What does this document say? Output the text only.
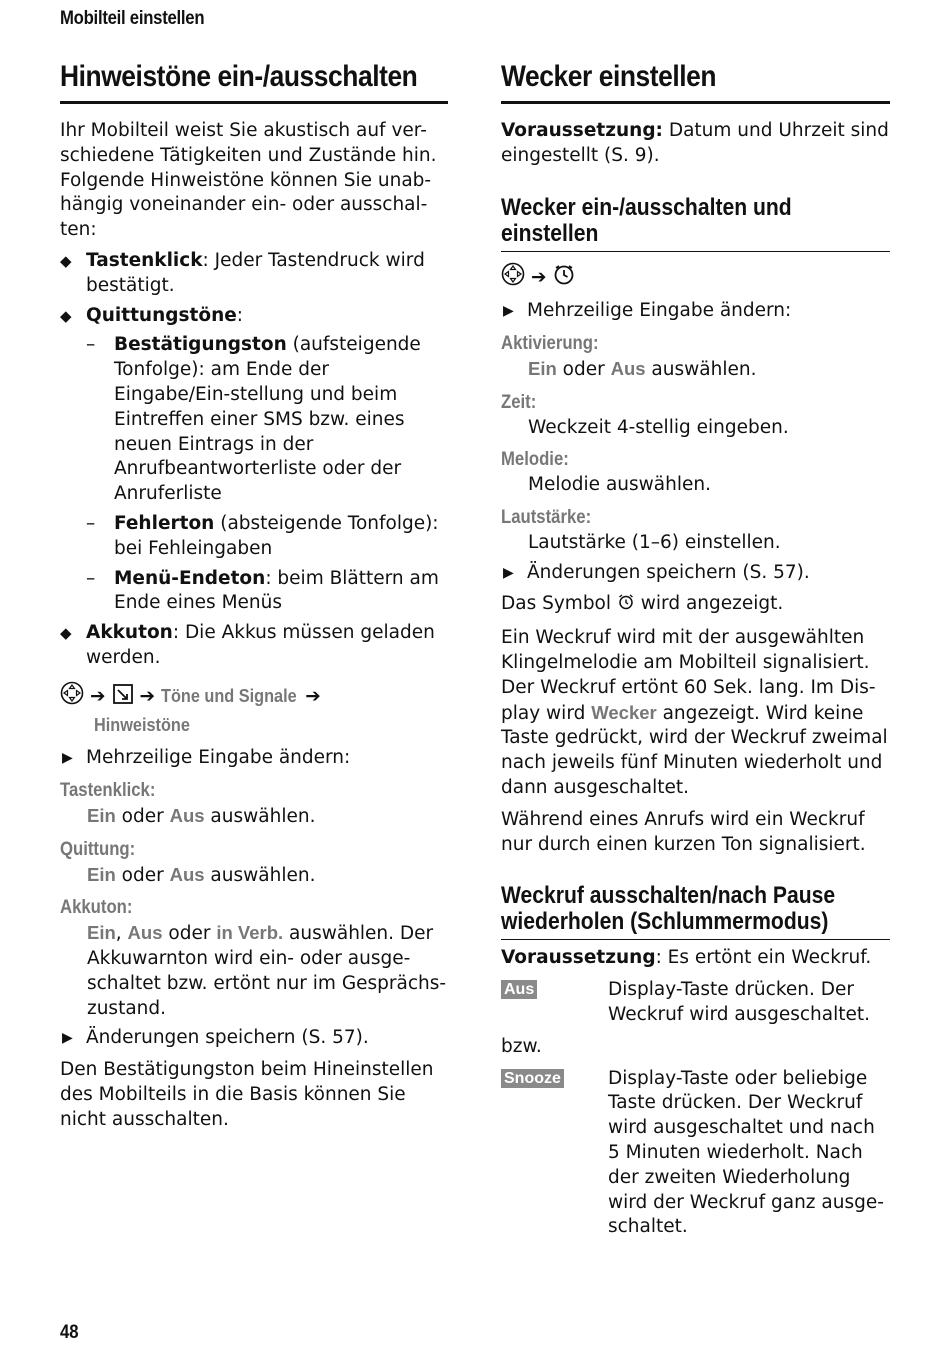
Mobilteil einstellen
Hinweistöne ein-/ausschalten

Ihr Mobilteil weist Sie akustisch auf ver-schiedene Tätigkeiten und Zustände hin. Folgende Hinweistöne können Sie unab-hängig voneinander ein- oder ausschal-ten:

◆ Tastenklick: Jeder Tastendruck wird bestätigt.
◆ Quittungstöne:
– Bestätigungston (aufsteigende Tonfolge): am Ende der Eingabe/Ein-stellung und beim Eintreffen einer SMS bzw. eines neuen Eintrags in der Anrufbeantworterliste oder der Anruferliste
– Fehlerton (absteigende Tonfolge): bei Fehleingaben
– Menü-Endeton: beim Blättern am Ende eines Menüs
◆ Akkuton: Die Akkus müssen geladen werden.
➔ ➔ Töne und Signale ➔
Hinweistöne
▶ Mehrzeilige Eingabe ändern:
Tastenklick:
Ein oder Aus auswählen.
Quittung:
Ein oder Aus auswählen.
Akkuton:
Ein, Aus oder in Verb. auswählen. Der Akkuwarnton wird ein- oder ausge-schaltet bzw. ertönt nur im Gesprächs-zustand.
▶ Änderungen speichern (S. 57).

Den Bestätigungston beim Hineinstellen des Mobilteils in die Basis können Sie nicht ausschalten.

Wecker einstellen

Voraussetzung: Datum und Uhrzeit sind eingestellt (S. 9).

Wecker ein-/ausschalten und einstellen
➔
▶ Mehrzeilige Eingabe ändern:
Aktivierung:
Ein oder Aus auswählen.
Zeit:
Weckzeit 4-stellig eingeben.
Melodie:
Melodie auswählen.
Lautstärke:
Lautstärke (1–6) einstellen.
▶ Änderungen speichern (S. 57).

Das Symbol  wird angezeigt.

Ein Weckruf wird mit der ausgewählten Klingelmelodie am Mobilteil signalisiert. Der Weckruf ertönt 60 Sek. lang. Im Dis-play wird Wecker angezeigt. Wird keine Taste gedrückt, wird der Weckruf zweimal nach jeweils fünf Minuten wiederholt und dann ausgeschaltet.

Während eines Anrufs wird ein Weckruf nur durch einen kurzen Ton signalisiert.

Weckruf ausschalten/nach Pause wiederholen (Schlummermodus)

Voraussetzung: Es ertönt ein Weckruf.

Aus	Display-Taste drücken. Der Weckruf wird ausgeschaltet.

bzw.

Snooze	Display-Taste oder beliebige Taste drücken. Der Weckruf wird ausgeschaltet und nach 5 Minuten wiederholt. Nach der zweiten Wiederholung wird der Weckruf ganz ausge-schaltet.
48
